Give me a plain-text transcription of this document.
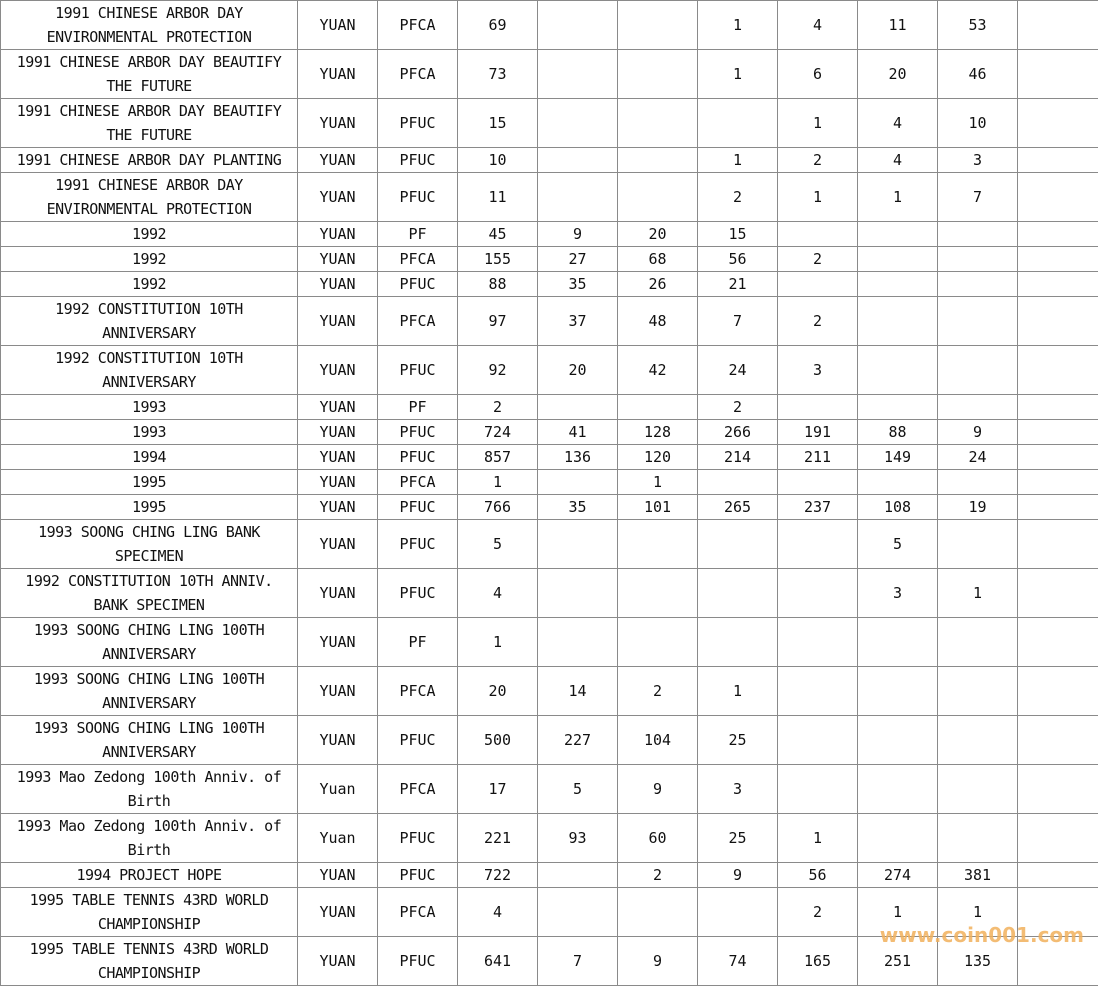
1991 CHINESE ARBOR DAY ENVIRONMENTAL PROTECTION	YUAN	PFCA	69			1	4	11	53	
1991 CHINESE ARBOR DAY BEAUTIFY THE FUTURE	YUAN	PFCA	73			1	6	20	46	
1991 CHINESE ARBOR DAY BEAUTIFY THE FUTURE	YUAN	PFUC	15				1	4	10	
1991 CHINESE ARBOR DAY PLANTING	YUAN	PFUC	10			1	2	4	3	
1991 CHINESE ARBOR DAY ENVIRONMENTAL PROTECTION	YUAN	PFUC	11			2	1	1	7	
1992	YUAN	PF	45	9	20	15				
1992	YUAN	PFCA	155	27	68	56	2			
1992	YUAN	PFUC	88	35	26	21				
1992 CONSTITUTION 10TH ANNIVERSARY	YUAN	PFCA	97	37	48	7	2			
1992 CONSTITUTION 10TH ANNIVERSARY	YUAN	PFUC	92	20	42	24	3			
1993	YUAN	PF	2			2				
1993	YUAN	PFUC	724	41	128	266	191	88	9	
1994	YUAN	PFUC	857	136	120	214	211	149	24	
1995	YUAN	PFCA	1		1					
1995	YUAN	PFUC	766	35	101	265	237	108	19	
1993 SOONG CHING LING BANK SPECIMEN	YUAN	PFUC	5					5		
1992 CONSTITUTION 10TH ANNIV. BANK SPECIMEN	YUAN	PFUC	4					3	1	
1993 SOONG CHING LING 100TH ANNIVERSARY	YUAN	PF	1							
1993 SOONG CHING LING 100TH ANNIVERSARY	YUAN	PFCA	20	14	2	1				
1993 SOONG CHING LING 100TH ANNIVERSARY	YUAN	PFUC	500	227	104	25				
1993 Mao Zedong 100th Anniv. of Birth	Yuan	PFCA	17	5	9	3				
1993 Mao Zedong 100th Anniv. of Birth	Yuan	PFUC	221	93	60	25	1			
1994 PROJECT HOPE	YUAN	PFUC	722		2	9	56	274	381	
1995 TABLE TENNIS 43RD WORLD CHAMPIONSHIP	YUAN	PFCA	4				2	1	1	
1995 TABLE TENNIS 43RD WORLD CHAMPIONSHIP	YUAN	PFUC	641	7	9	74	165	251	135	
www.coin001.com
